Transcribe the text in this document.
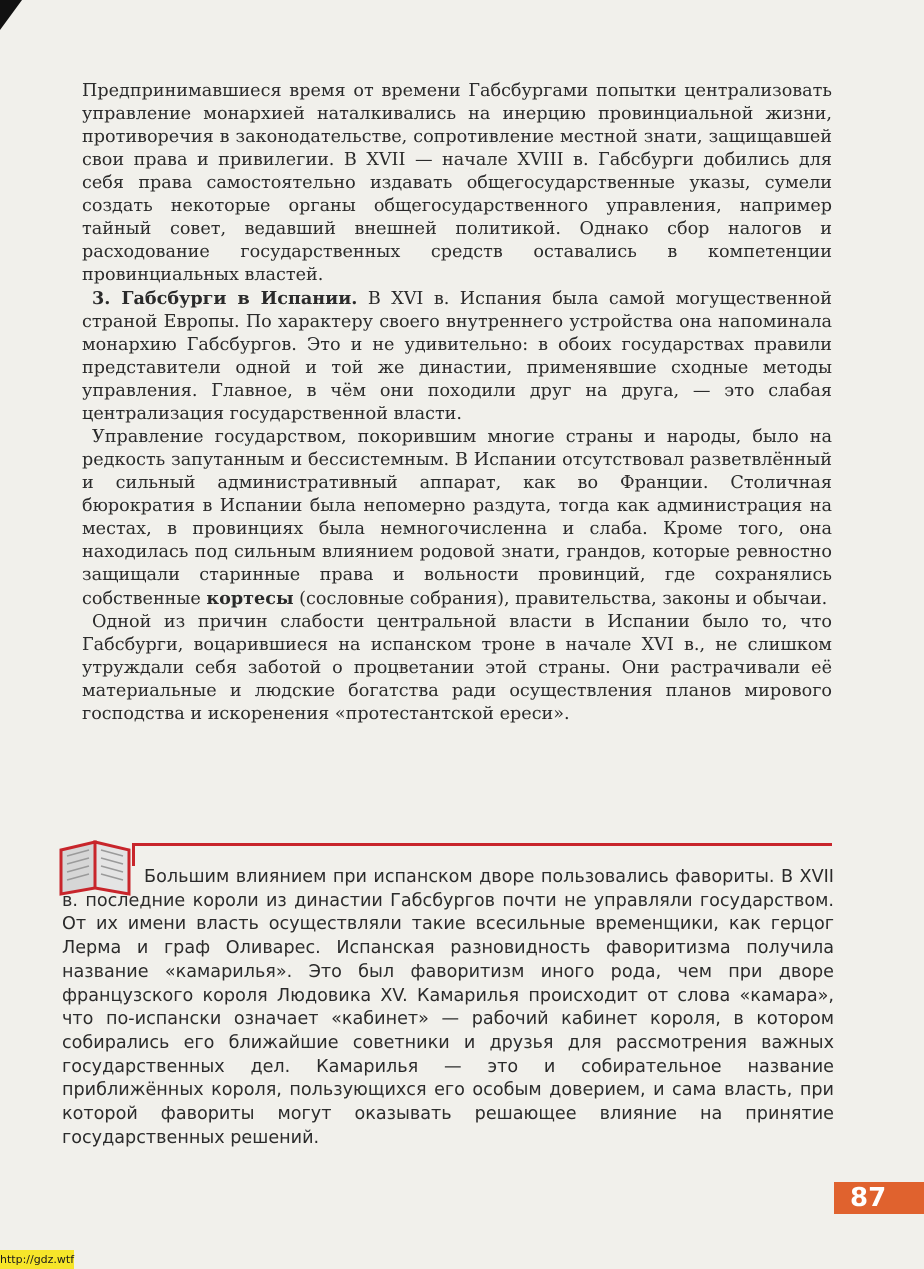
Предпринимавшиеся время от времени Габсбургами попытки централизовать управление монархией наталкивались на инерцию провинциальной жизни, противоречия в законодательстве, сопротивление местной знати, защищавшей свои права и привилегии. В XVII — начале XVIII в. Габсбурги добились для себя права самостоятельно издавать общегосударственные указы, сумели создать некоторые органы общегосударственного управления, например тайный совет, ведавший внешней политикой. Однако сбор налогов и расходование государственных средств оставались в компетенции провинциальных властей.

3. Габсбурги в Испании. В XVI в. Испания была самой могущественной страной Европы. По характеру своего внутреннего устройства она напоминала монархию Габсбургов. Это и не удивительно: в обоих государствах правили представители одной и той же династии, применявшие сходные методы управления. Главное, в чём они походили друг на друга, — это слабая централизация государственной власти.

Управление государством, покорившим многие страны и народы, было на редкость запутанным и бессистемным. В Испании отсутствовал разветвлённый и сильный административный аппарат, как во Франции. Столичная бюрократия в Испании была непомерно раздута, тогда как администрация на местах, в провинциях была немногочисленна и слаба. Кроме того, она находилась под сильным влиянием родовой знати, грандов, которые ревностно защищали старинные права и вольности провинций, где сохранялись собственные кортесы (сословные собрания), правительства, законы и обычаи.

Одной из причин слабости центральной власти в Испании было то, что Габсбурги, воцарившиеся на испанском троне в начале XVI в., не слишком утруждали себя заботой о процветании этой страны. Они растрачивали её материальные и людские богатства ради осуществления планов мирового господства и искоренения «протестантской ереси».

Большим влиянием при испанском дворе пользовались фавориты. В XVII в. последние короли из династии Габсбургов почти не управляли государством. От их имени власть осуществляли такие всесильные временщики, как герцог Лерма и граф Оливарес. Испанская разновидность фаворитизма получила название «камарилья». Это был фаворитизм иного рода, чем при дворе французского короля Людовика XV. Камарилья происходит от слова «камара», что по-испански означает «кабинет» — рабочий кабинет короля, в котором собирались его ближайшие советники и друзья для рассмотрения важных государственных дел. Камарилья — это и собирательное название приближённых короля, пользующихся его особым доверием, и сама власть, при которой фавориты могут оказывать решающее влияние на принятие государственных решений.

87
http://gdz.wtf
